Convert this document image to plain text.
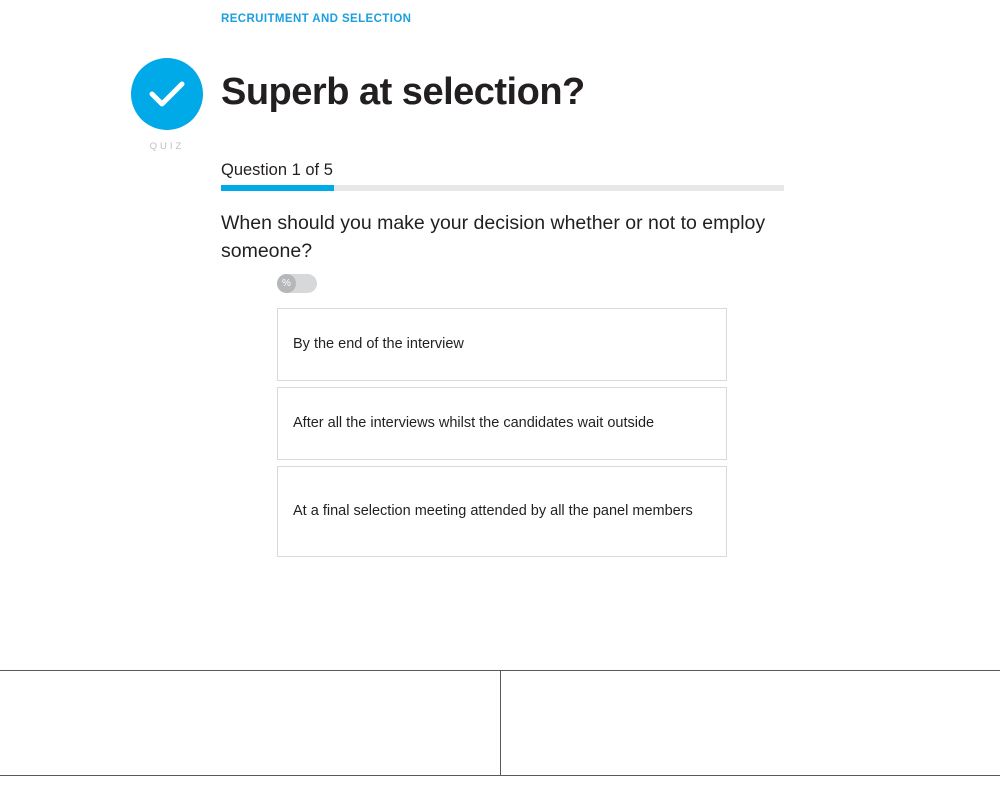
RECRUITMENT AND SELECTION
QUIZ
Superb at selection?
Question 1 of 5
When should you make your decision whether or not to employ someone?
%
By the end of the interview
After all the interviews whilst the candidates wait outside
At a final selection meeting attended by all the panel members
